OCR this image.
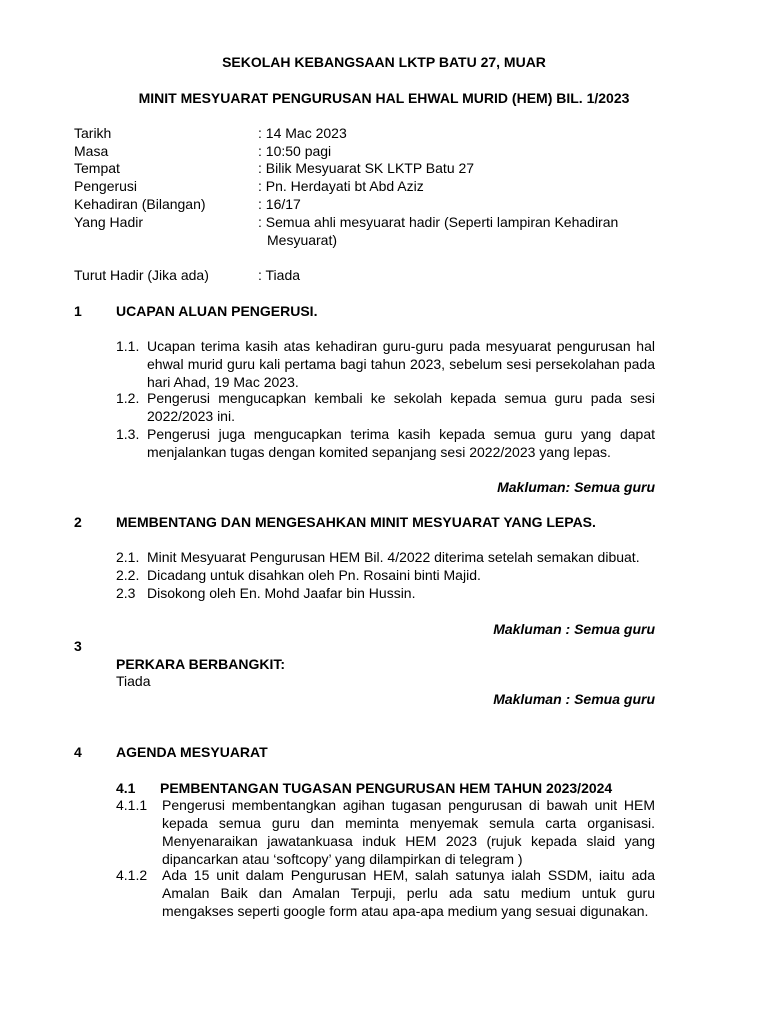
SEKOLAH KEBANGSAAN LKTP BATU 27, MUAR
MINIT MESYUARAT PENGURUSAN HAL EHWAL MURID (HEM) BIL. 1/2023
Tarikh	: 14 Mac 2023
Masa	: 10:50 pagi
Tempat	: Bilik Mesyuarat SK LKTP Batu 27
Pengerusi	: Pn. Herdayati bt Abd Aziz
Kehadiran (Bilangan)	: 16/17
Yang Hadir	: Semua ahli mesyuarat hadir (Seperti lampiran Kehadiran
Mesyuarat)
Turut Hadir (Jika ada)	: Tiada
1 UCAPAN ALUAN PENGERUSI.
1.1. Ucapan terima kasih atas kehadiran guru-guru pada mesyuarat pengurusan hal ehwal murid guru kali pertama bagi tahun 2023, sebelum sesi persekolahan pada hari Ahad, 19 Mac 2023.
1.2. Pengerusi mengucapkan kembali ke sekolah kepada semua guru pada sesi 2022/2023 ini.
1.3. Pengerusi juga mengucapkan terima kasih kepada semua guru yang dapat menjalankan tugas dengan komited sepanjang sesi 2022/2023 yang lepas.
Makluman: Semua guru
2 MEMBENTANG DAN MENGESAHKAN MINIT MESYUARAT YANG LEPAS.
2.1. Minit Mesyuarat Pengurusan HEM Bil. 4/2022 diterima setelah semakan dibuat.
2.2. Dicadang untuk disahkan oleh Pn. Rosaini binti Majid.
2.3 Disokong oleh En. Mohd Jaafar bin Hussin.
Makluman : Semua guru
3
PERKARA BERBANGKIT:
Tiada
Makluman : Semua guru
4 AGENDA MESYUARAT
4.1 PEMBENTANGAN TUGASAN PENGURUSAN HEM TAHUN 2023/2024
4.1.1 Pengerusi membentangkan agihan tugasan pengurusan di bawah unit HEM kepada semua guru dan meminta menyemak semula carta organisasi. Menyenaraikan jawatankuasa induk HEM 2023 (rujuk kepada slaid yang dipancarkan atau ‘softcopy’ yang dilampirkan di telegram )
4.1.2 Ada 15 unit dalam Pengurusan HEM, salah satunya ialah SSDM, iaitu ada Amalan Baik dan Amalan Terpuji, perlu ada satu medium untuk guru mengakses seperti google form atau apa-apa medium yang sesuai digunakan.
